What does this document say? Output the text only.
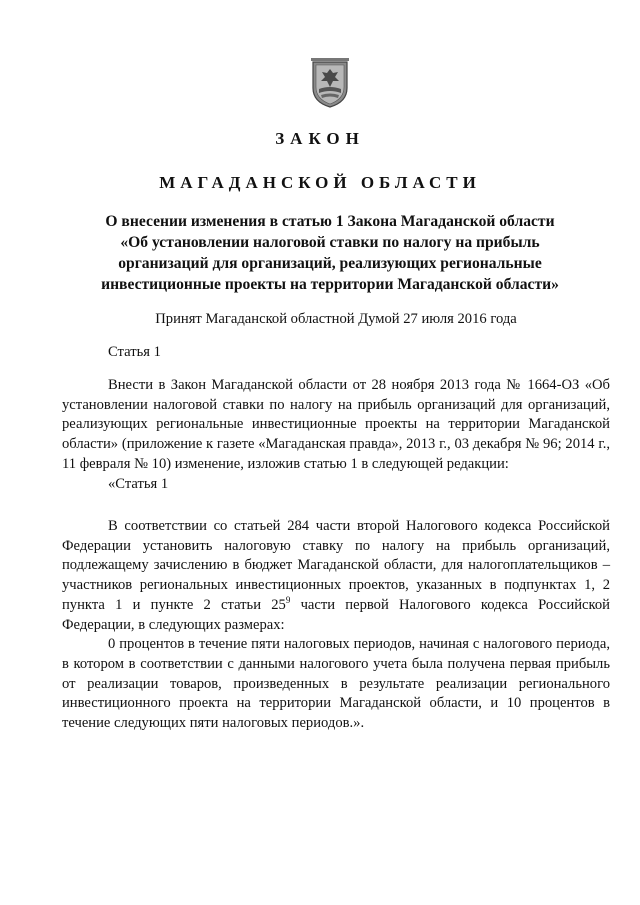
ЗАКОН
МАГАДАНСКОЙ ОБЛАСТИ
О внесении изменения в статью 1 Закона Магаданской области
«Об установлении налоговой ставки по налогу на прибыль
организаций для организаций, реализующих региональные
инвестиционные проекты на территории Магаданской области»
Принят Магаданской областной Думой 27 июля 2016 года
Статья 1

Внести в Закон Магаданской области от 28 ноября 2013 года № 1664-ОЗ «Об установлении налоговой ставки по налогу на прибыль организаций для организаций, реализующих региональные инвестиционные проекты на территории Магаданской области» (приложение к газете «Магаданская правда», 2013 г., 03 декабря № 96; 2014 г., 11 февраля № 10) изменение, изложив статью 1 в следующей редакции:

«Статья 1

В соответствии со статьей 284 части второй Налогового кодекса Российской Федерации установить налоговую ставку по налогу на прибыль организаций, подлежащему зачислению в бюджет Магаданской области, для налогоплательщиков – участников региональных инвестиционных проектов, указанных в подпунктах 1, 2 пункта 1 и пункте 2 статьи $25^9$ части первой Налогового кодекса Российской Федерации, в следующих размерах:

0 процентов в течение пяти налоговых периодов, начиная с налогового периода, в котором в соответствии с данными налогового учета была получена первая прибыль от реализации товаров, произведенных в результате реализации регионального инвестиционного проекта на территории Магаданской области, и 10 процентов в течение следующих пяти налоговых периодов.».
